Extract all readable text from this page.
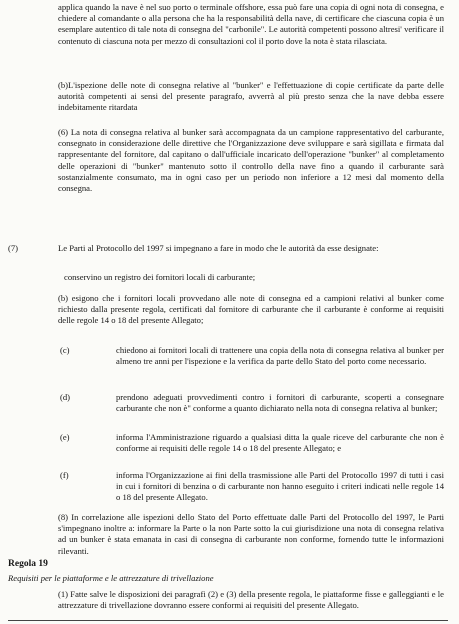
applica quando la nave è nel suo porto o terminale offshore, essa può fare una copia di ogni nota di consegna, e chiedere al comandante o alla persona che ha la responsabilità della nave, di certificare che ciascuna copia è un esemplare autentico di tale nota di consegna del "carbonile". Le autorità competenti possono altresi' verificare il contenuto di ciascuna nota per mezzo di consultazioni col il porto dove la nota è stata rilasciata.

(b)L'ispezione delle note di consegna relative al "bunker" e l'effettuazione di copie certificate da parte delle autorità competenti ai sensi del presente paragrafo, avverrà al più presto senza che la nave debba essere indebitamente ritardata

(6) La nota di consegna relativa al bunker sarà accompagnata da un campione rappresentativo del carburante, consegnato in considerazione delle direttive che l'Organizzazione deve sviluppare e sarà sigillata e firmata dal rappresentante del fornitore, dal capitano o dall'ufficiale incaricato dell'operazione "bunker" al completamento delle operazioni di "bunker" mantenuto sotto il controllo della nave fino a quando il carburante sarà sostanzialmente consumato, ma in ogni caso per un periodo non inferiore a 12 mesi dal momento della consegna.

(7)	Le Parti al Protocollo del 1997 si impegnano a fare in modo che le autorità da esse designate:

conservino un registro dei fornitori locali di carburante;

(b) esigono che i fornitori locali provvedano alle note di consegna ed a campioni relativi al bunker come richiesto dalla presente regola, certificati dal fornitore di carburante che il carburante è conforme ai requisiti delle regole 14 o 18 del presente Allegato;

(c)	chiedono ai fornitori locali di trattenere una copia della nota di consegna relativa al bunker per almeno tre anni per l'ispezione e la verifica da parte dello Stato del porto come necessario.

(d)	prendono adeguati provvedimenti contro i fornitori di carburante, scoperti a consegnare carburante che non è" conforme a quanto dichiarato nella nota di consegna relativa al bunker;

(e)	informa l'Amministrazione riguardo a qualsiasi ditta la quale riceve del carburante che non è conforme ai requisiti delle regole 14 o 18 del presente Allegato; e

(f)	informa l'Organizzazione ai fini della trasmissione alle Parti del Protocollo 1997 di tutti i casi in cui i fornitori di benzina o di carburante non hanno eseguito i criteri indicati nelle regole 14 o 18 del presente Allegato.

(8) In correlazione alle ispezioni dello Stato del Porto effettuate dalle Parti del Protocollo del 1997, le Parti s'impegnano inoltre a: informare la Parte o la non Parte sotto la cui giurisdizione una nota di consegna relativa ad un bunker è stata emanata in casi di consegna di carburante non conforme, fornendo tutte le informazioni rilevanti.

Regola 19

Requisiti per le piattaforme e le attrezzature di trivellazione

(1) Fatte salve le disposizioni dei paragrafi (2) e (3) della presente regola, le piattaforme fisse e galleggianti e le attrezzature di trivellazione dovranno essere conformi ai requisiti del presente Allegato.
